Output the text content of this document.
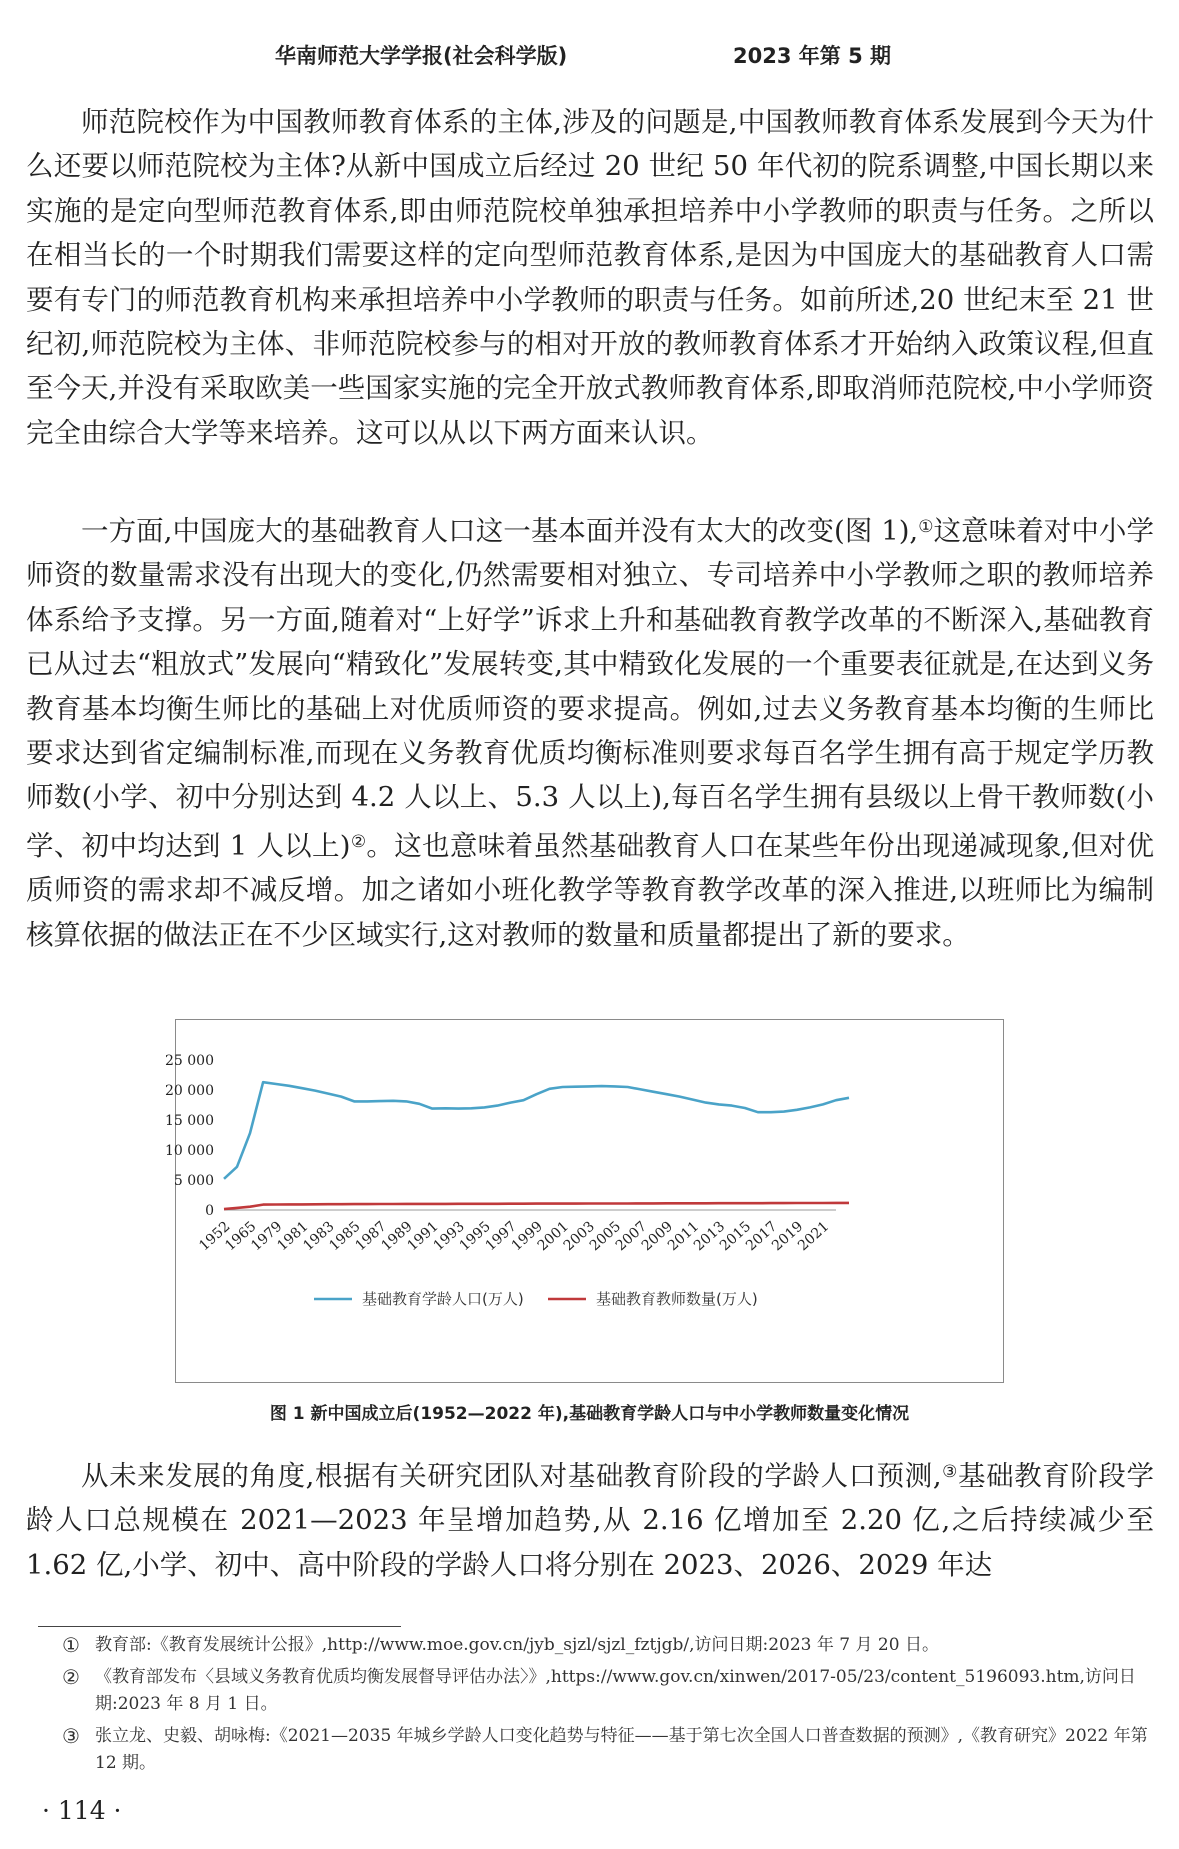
华南师范大学学报(社会科学版)	2023 年第 5 期

师范院校作为中国教师教育体系的主体,涉及的问题是,中国教师教育体系发展到今天为什么还要以师范院校为主体?从新中国成立后经过 20 世纪 50 年代初的院系调整,中国长期以来实施的是定向型师范教育体系,即由师范院校单独承担培养中小学教师的职责与任务。之所以在相当长的一个时期我们需要这样的定向型师范教育体系,是因为中国庞大的基础教育人口需要有专门的师范教育机构来承担培养中小学教师的职责与任务。如前所述,20 世纪末至 21 世纪初,师范院校为主体、非师范院校参与的相对开放的教师教育体系才开始纳入政策议程,但直至今天,并没有采取欧美一些国家实施的完全开放式教师教育体系,即取消师范院校,中小学师资完全由综合大学等来培养。这可以从以下两方面来认识。

一方面,中国庞大的基础教育人口这一基本面并没有太大的改变(图 1),①这意味着对中小学师资的数量需求没有出现大的变化,仍然需要相对独立、专司培养中小学教师之职的教师培养体系给予支撑。另一方面,随着对“上好学”诉求上升和基础教育教学改革的不断深入,基础教育已从过去“粗放式”发展向“精致化”发展转变,其中精致化发展的一个重要表征就是,在达到义务教育基本均衡生师比的基础上对优质师资的要求提高。例如,过去义务教育基本均衡的生师比要求达到省定编制标准,而现在义务教育优质均衡标准则要求每百名学生拥有高于规定学历教师数(小学、初中分别达到 4.2 人以上、5.3 人以上),每百名学生拥有县级以上骨干教师数(小学、初中均达到 1 人以上)②。这也意味着虽然基础教育人口在某些年份出现递减现象,但对优质师资的需求却不减反增。加之诸如小班化教学等教育教学改革的深入推进,以班师比为编制核算依据的做法正在不少区域实行,这对教师的数量和质量都提出了新的要求。

0
5 000
10 000
15 000
20 000
25 000
1952
1965
1979
1981
1983
1985
1987
1989
1991
1993
1995
1997
1999
2001
2003
2005
2007
2009
2011
2013
2015
2017
2019
2021
基础教育学龄人口(万人)	基础教育教师数量(万人)
图 1 新中国成立后(1952—2022 年),基础教育学龄人口与中小学教师数量变化情况

从未来发展的角度,根据有关研究团队对基础教育阶段的学龄人口预测,③基础教育阶段学龄人口总规模在 2021—2023 年呈增加趋势,从 2.16 亿增加至 2.20 亿,之后持续减少至 1.62 亿,小学、初中、高中阶段的学龄人口将分别在 2023、2026、2029 年达

① 教育部:《教育发展统计公报》,http://www.moe.gov.cn/jyb_sjzl/sjzl_fztjgb/,访问日期:2023 年 7 月 20 日。
② 《教育部发布〈县域义务教育优质均衡发展督导评估办法〉》,https://www.gov.cn/xinwen/2017-05/23/content_5196093.htm,访问日期:2023 年 8 月 1 日。
③ 张立龙、史毅、胡咏梅:《2021—2035 年城乡学龄人口变化趋势与特征——基于第七次全国人口普查数据的预测》,《教育研究》2022 年第 12 期。
· 114 ·
